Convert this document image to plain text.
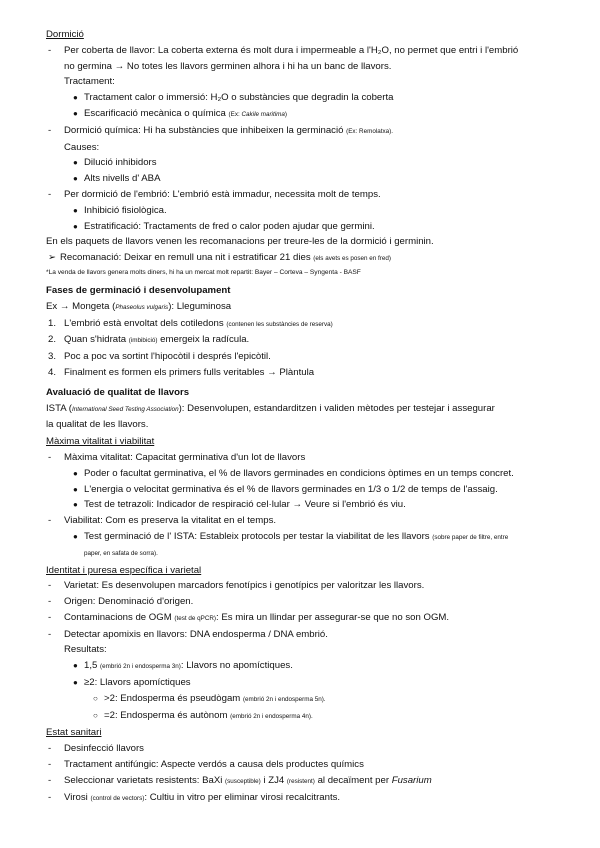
Dormició
- Per coberta de llavor: La coberta externa és molt dura i impermeable a l'H₂O, no permet que entri i l'embrió
no germina → No totes les llavors germinen alhora i hi ha un banc de llavors.
Tractament:
● Tractament calor o immersió: H₂O o substàncies que degradin la coberta
● Escarificació mecànica o química (Ex: Cakile maritima)
- Dormició química: Hi ha substàncies que inhibeixen la germinació (Ex: Remolatxa).
Causes:
● Dilució inhibidors
● Alts nivells d' ABA
- Per dormició de l'embrió: L'embrió està immadur, necessita molt de temps.
● Inhibició fisiològica.
● Estratificació: Tractaments de fred o calor poden ajudar que germini.
En els paquets de llavors venen les recomanacions per treure-les de la dormició i germinin.
➢ Recomanació: Deixar en remull una nit i estratificar 21 dies (els avets es posen en fred)
*La venda de llavors genera molts diners, hi ha un mercat molt repartit: Bayer – Corteva – Syngenta - BASF
Fases de germinació i desenvolupament
Ex → Mongeta (Phaseolus vulgaris): Lleguminosa
1. L'embrió està envoltat dels cotiledons (contenen les substàncies de reserva)
2. Quan s'hidrata (imbibició) emergeix la radícula.
3. Poc a poc va sortint l'hipocòtil i després l'epicòtil.
4. Finalment es formen els primers fulls veritables → Plàntula
Avaluació de qualitat de llavors
ISTA (International Seed Testing Association): Desenvolupen, estandarditzen i validen mètodes per testejar i assegurar
la qualitat de les llavors.
Màxima vitalitat i viabilitat
- Màxima vitalitat: Capacitat germinativa d'un lot de llavors
● Poder o facultat germinativa, el % de llavors germinades en condicions òptimes en un temps concret.
● L'energia o velocitat germinativa és el % de llavors germinades en 1/3 o 1/2 de temps de l'assaig.
● Test de tetrazoli: Indicador de respiració cel·lular → Veure si l'embrió és viu.
- Viabilitat: Com es preserva la vitalitat en el temps.
● Test germinació de l' ISTA: Estableix protocols per testar la viabilitat de les llavors (sobre paper de filtre, entre
paper, en safata de sorra).
Identitat i puresa específica i varietal
- Varietat: Es desenvolupen marcadors fenotípics i genotípics per valoritzar les llavors.
- Origen: Denominació d'origen.
- Contaminacions de OGM (test de qPCR): Es mira un llindar per assegurar-se que no son OGM.
- Detectar apomixis en llavors: DNA endosperma / DNA embrió.
Resultats:
● 1,5 (embrió 2n i endosperma 3n): Llavors no apomíctiques.
● ≥2: Llavors apomíctiques
○ >2: Endosperma és pseudògam (embrió 2n i endosperma 5n).
○ =2: Endosperma és autònom (embrió 2n i endosperma 4n).
Estat sanitari
- Desinfecció llavors
- Tractament antifúngic: Aspecte verdós a causa dels productes químics
- Seleccionar varietats resistents: BaXi (susceptible) i ZJ4 (resistent) al decaïment per Fusarium
- Virosi (control de vectors): Cultiu in vitro per eliminar virosi recalcitrants.
